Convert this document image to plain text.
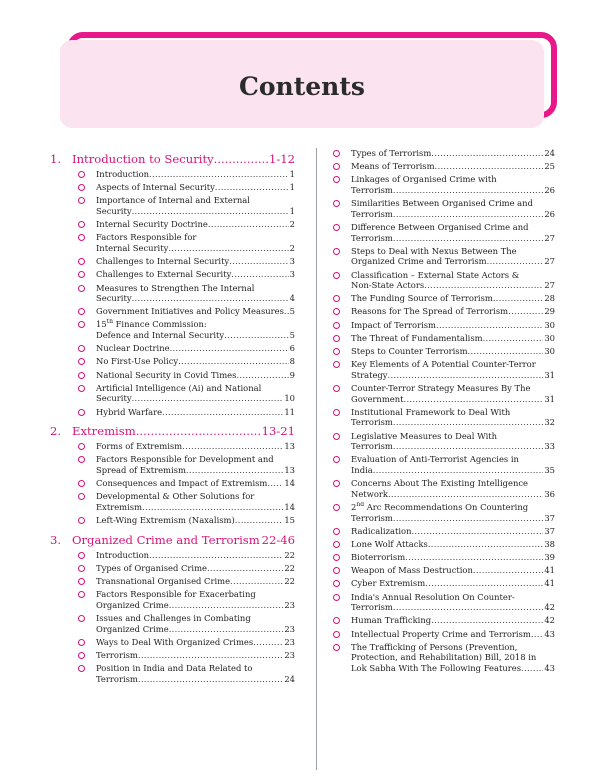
Contents
1. Introduction to Security .....	1-12
Introduction .....	1
Aspects of Internal Security .....	1
Importance of Internal and External
Security .....	1
Internal Security Doctrine .....	2
Factors Responsible for
Internal Security .....	2
Challenges to Internal Security .....	3
Challenges to External Security .....	3
Measures to Strengthen The Internal
Security .....	4
Government Initiatives and Policy Measures ..... 5
15th Finance Commission:
Defence and Internal Security .....	5
Nuclear Doctrine .....	6
No First-Use Policy .....	8
National Security in Covid Times .....	9
Artificial Intelligence (Ai) and National
Security .....	10
Hybrid Warfare .....	11
2. Extremism .....	13-21
Forms of Extremism .....	13
Factors Responsible for Development and
Spread of Extremism .....	13
Consequences and Impact of Extremism ..... 14
Developmental & Other Solutions for
Extremism .....	14
Left-Wing Extremism (Naxalism) .....	15
3. Organized Crime and Terrorism ..... 22-46
Introduction .....	22
Types of Organised Crime .....	22
Transnational Organised Crime .....	22
Factors Responsible for Exacerbating
Organized Crime .....	23
Issues and Challenges in Combating
Organized Crime .....	23
Ways to Deal With Organized Crimes .....	23
Terrorism .....	23
Position in India and Data Related to
Terrorism .....	24
Types of Terrorism .....	24
Means of Terrorism .....	25
Linkages of Organised Crime with
Terrorism .....	26
Similarities Between Organised Crime and
Terrorism .....	26
Difference Between Organised Crime and
Terrorism .....	27
Steps to Deal with Nexus Between The
Organized Crime and Terrorism .....	27
Classification – External State Actors &
Non-State Actors .....	27
The Funding Source of Terrorism .....	28
Reasons for The Spread of Terrorism .....	29
Impact of Terrorism .....	30
The Threat of Fundamentalism .....	30
Steps to Counter Terrorism .....	30
Key Elements of A Potential Counter-Terror
Strategy .....	31
Counter-Terror Strategy Measures By The
Government .....	31
Institutional Framework to Deal With
Terrorism .....	32
Legislative Measures to Deal With
Terrorism .....	33
Evaluation of Anti-Terrorist Agencies in
India .....	35
Concerns About The Existing Intelligence
Network .....	36
2nd Arc Recommendations On Countering
Terrorism .....	37
Radicalization .....	37
Lone Wolf Attacks .....	38
Bioterrorism .....	39
Weapon of Mass Destruction .....	41
Cyber Extremism .....	41
India's Annual Resolution On Counter-
Terrorism .....	42
Human Trafficking .....	42
Intellectual Property Crime and Terrorism ..... 43
The Trafficking of Persons (Prevention,
Protection, and Rehabilitation) Bill, 2018 in
Lok Sabha With The Following Features .....	43
